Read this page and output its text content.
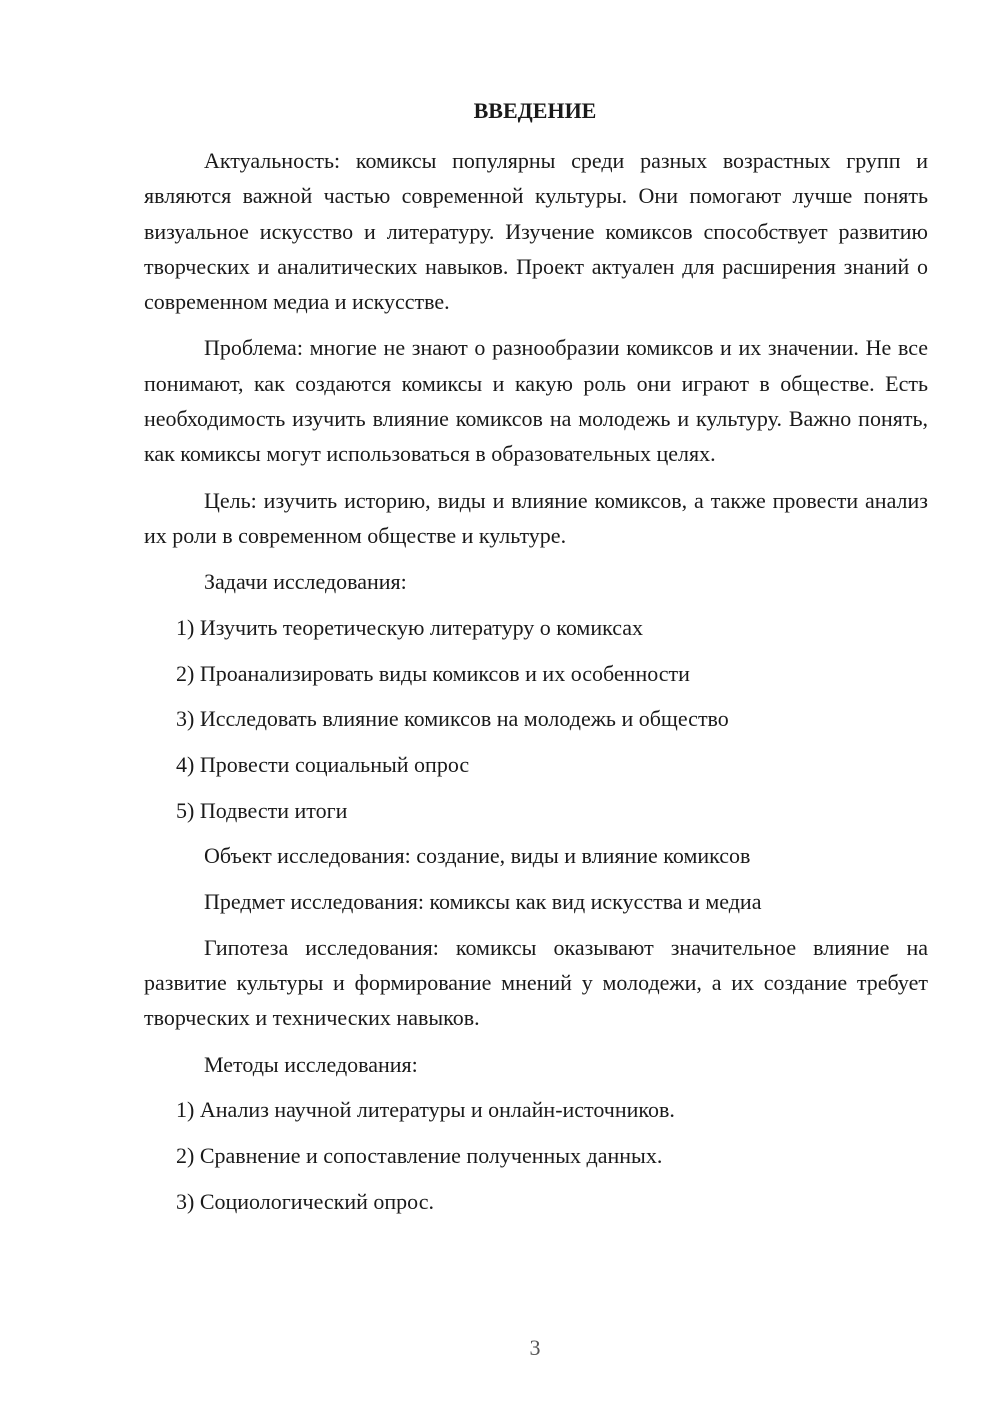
ВВЕДЕНИЕ

Актуальность: комиксы популярны среди разных возрастных групп и являются важной частью современной культуры. Они помогают лучше понять визуальное искусство и литературу. Изучение комиксов способствует развитию творческих и аналитических навыков. Проект актуален для расширения знаний о современном медиа и искусстве.

Проблема: многие не знают о разнообразии комиксов и их значении. Не все понимают, как создаются комиксы и какую роль они играют в обществе. Есть необходимость изучить влияние комиксов на молодежь и культуру. Важно понять, как комиксы могут использоваться в образовательных целях.

Цель: изучить историю, виды и влияние комиксов, а также провести анализ их роли в современном обществе и культуре.

Задачи исследования:

1) Изучить теоретическую литературу о комиксах

2) Проанализировать виды комиксов и их особенности

3) Исследовать влияние комиксов на молодежь и общество

4) Провести социальный опрос

5) Подвести итоги

Объект исследования: создание, виды и влияние комиксов

Предмет исследования: комиксы как вид искусства и медиа

Гипотеза исследования: комиксы оказывают значительное влияние на развитие культуры и формирование мнений у молодежи, а их создание требует творческих и технических навыков.

Методы исследования:

1) Анализ научной литературы и онлайн-источников.

2) Сравнение и сопоставление полученных данных.

3) Социологический опрос.

3
